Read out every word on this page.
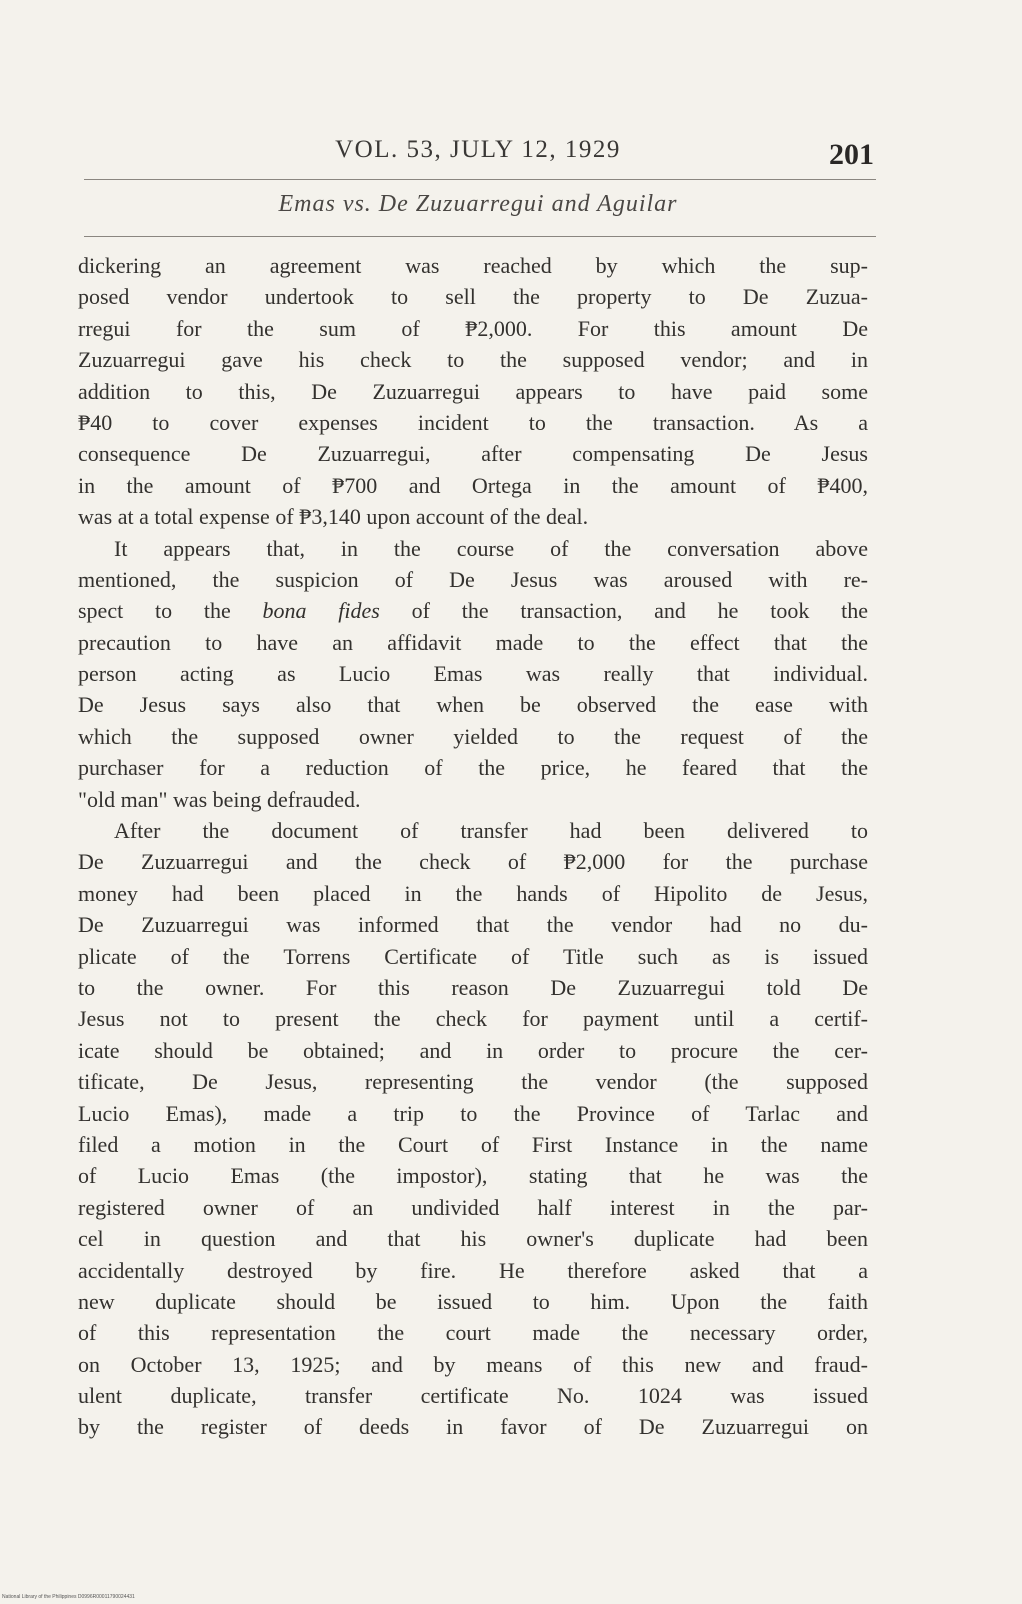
VOL. 53, JULY 12, 1929	201
Emas vs. De Zuzuarregui and Aguilar
dickering an agreement was reached by which the sup-
posed vendor undertook to sell the property to De Zuzua-
rregui for the sum of ₱2,000. For this amount De
Zuzuarregui gave his check to the supposed vendor; and in
addition to this, De Zuzuarregui appears to have paid some
₱40 to cover expenses incident to the transaction. As a
consequence De Zuzuarregui, after compensating De Jesus
in the amount of ₱700 and Ortega in the amount of ₱400,
was at a total expense of ₱3,140 upon account of the deal.
It appears that, in the course of the conversation above
mentioned, the suspicion of De Jesus was aroused with re-
spect to the bona fides of the transaction, and he took the
precaution to have an affidavit made to the effect that the
person acting as Lucio Emas was really that individual.
De Jesus says also that when be observed the ease with
which the supposed owner yielded to the request of the
purchaser for a reduction of the price, he feared that the
"old man" was being defrauded.
After the document of transfer had been delivered to
De Zuzuarregui and the check of ₱2,000 for the purchase
money had been placed in the hands of Hipolito de Jesus,
De Zuzuarregui was informed that the vendor had no du-
plicate of the Torrens Certificate of Title such as is issued
to the owner. For this reason De Zuzuarregui told De
Jesus not to present the check for payment until a certif-
icate should be obtained; and in order to procure the cer-
tificate, De Jesus, representing the vendor (the supposed
Lucio Emas), made a trip to the Province of Tarlac and
filed a motion in the Court of First Instance in the name
of Lucio Emas (the impostor), stating that he was the
registered owner of an undivided half interest in the par-
cel in question and that his owner's duplicate had been
accidentally destroyed by fire. He therefore asked that a
new duplicate should be issued to him. Upon the faith
of this representation the court made the necessary order,
on October 13, 1925; and by means of this new and fraud-
ulent duplicate, transfer certificate No. 1024 was issued
by the register of deeds in favor of De Zuzuarregui on
National Library of the Philippines D0996R00011790024431
